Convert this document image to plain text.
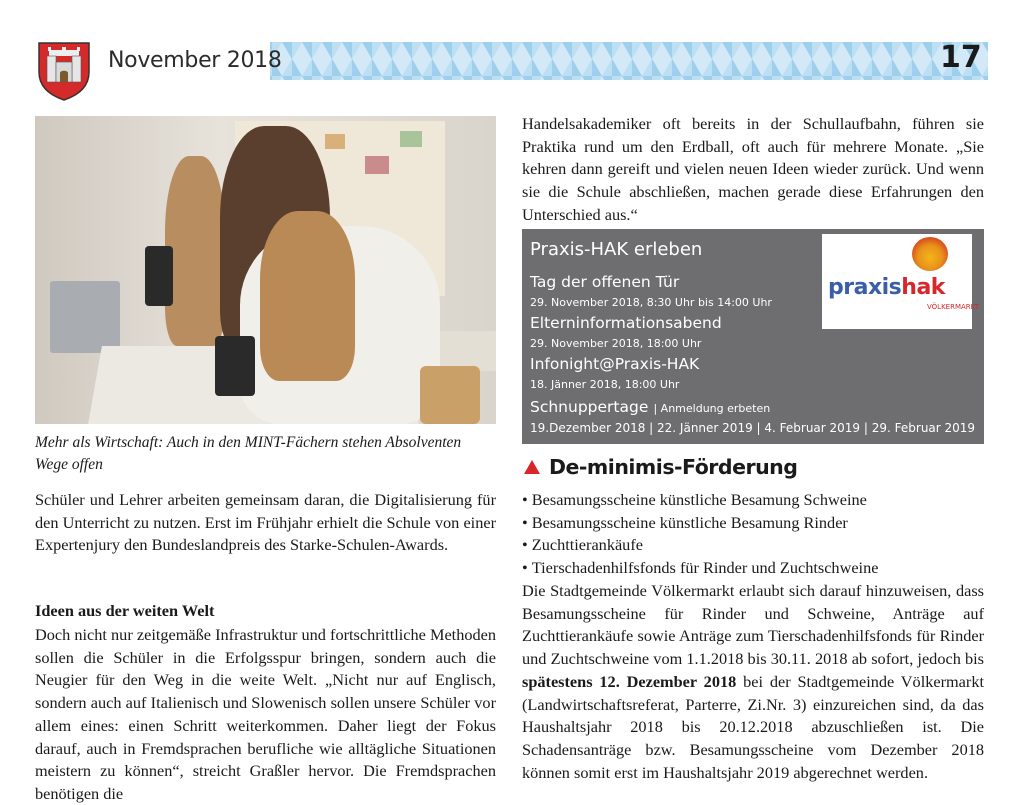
November 2018	17
Mehr als Wirtschaft: Auch in den MINT-Fächern stehen Absolventen Wege offen
Schüler und Lehrer arbeiten gemeinsam daran, die Digitalisierung für den Unterricht zu nutzen. Erst im Frühjahr erhielt die Schule von einer Expertenjury den Bundeslandpreis des Starke-Schulen-Awards.
Ideen aus der weiten Welt
Doch nicht nur zeitgemäße Infrastruktur und fortschrittliche Methoden sollen die Schüler in die Erfolgsspur bringen, sondern auch die Neugier für den Weg in die weite Welt. „Nicht nur auf Englisch, sondern auch auf Italienisch und Slowenisch sollen unsere Schüler vor allem eines: einen Schritt weiterkommen. Daher liegt der Fokus darauf, auch in Fremdsprachen berufliche wie alltägliche Situationen meistern zu können“, streicht Graßler hervor. Die Fremdsprachen benötigen die
Handelsakademiker oft bereits in der Schullaufbahn, führen sie Praktika rund um den Erdball, oft auch für mehrere Monate. „Sie kehren dann gereift und vielen neuen Ideen wieder zurück. Und wenn sie die Schule abschließen, machen gerade diese Erfahrungen den Unterschied aus.“
praxishak
VÖLKERMARKT
Praxis-HAK erleben
Tag der offenen Tür
29. November 2018, 8:30 Uhr bis 14:00 Uhr
Elterninformationsabend
29. November 2018, 18:00 Uhr
Infonight@Praxis-HAK
18. Jänner 2018, 18:00 Uhr
Schnuppertage | Anmeldung erbeten
19.Dezember 2018 | 22. Jänner 2019 | 4. Februar 2019 | 29. Februar 2019
De-minimis-Förderung
• Besamungsscheine künstliche Besamung Schweine
• Besamungsscheine künstliche Besamung Rinder
• Zuchttierankäufe
• Tierschadenhilfsfonds für Rinder und Zuchtschweine
Die Stadtgemeinde Völkermarkt erlaubt sich darauf hinzuweisen, dass Besamungsscheine für Rinder und Schweine, Anträge auf Zuchttierankäufe sowie Anträge zum Tierschadenhilfsfonds für Rinder und Zuchtschweine vom 1.1.2018 bis 30.11. 2018 ab sofort, jedoch bis spätestens 12. Dezember 2018 bei der Stadtgemeinde Völkermarkt (Landwirtschaftsreferat, Parterre, Zi.Nr. 3) einzureichen sind, da das Haushaltsjahr 2018 bis 20.12.2018 abzuschließen ist. Die Schadensanträge bzw. Besamungsscheine vom Dezember 2018 können somit erst im Haushaltsjahr 2019 abgerechnet werden.
